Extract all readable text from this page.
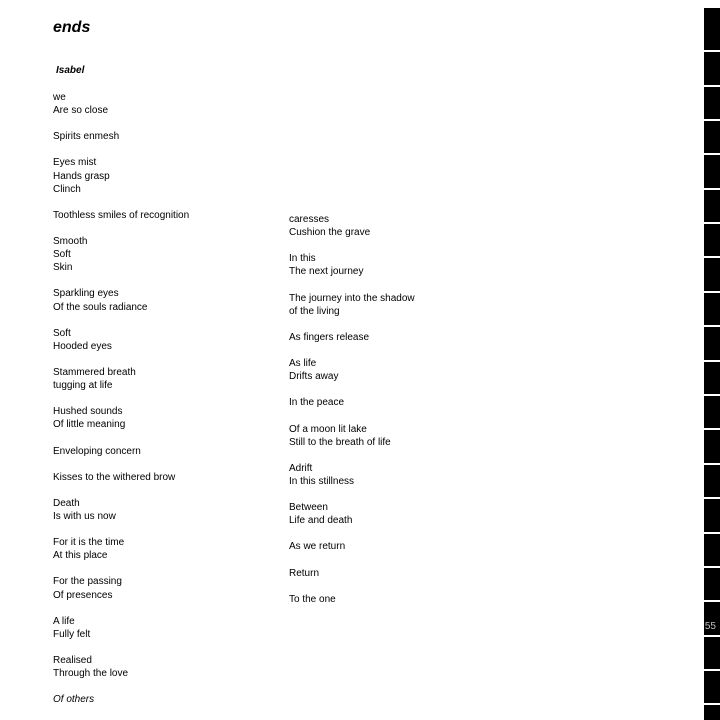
ends
Isabel
we
Are so close
Spirits enmesh
Eyes mist
Hands grasp
Clinch
Toothless smiles of recognition
Smooth
Soft
Skin
Sparkling eyes
Of the souls radiance
Soft
Hooded eyes
Stammered breath
tugging at life
Hushed sounds
Of little meaning
Enveloping concern
Kisses to the withered brow
Death
Is with us now
For it is the time
At this place
For the passing
Of presences
A life
Fully felt
Realised
Through the love
Of others
caresses
Cushion the grave
In this
The next journey
The journey into the shadow
of the living
As fingers release
As life
Drifts away
In the peace
Of a moon lit lake
Still to the breath of life
Adrift
In this stillness
Between
Life and death
As we return
Return
To the one
55
